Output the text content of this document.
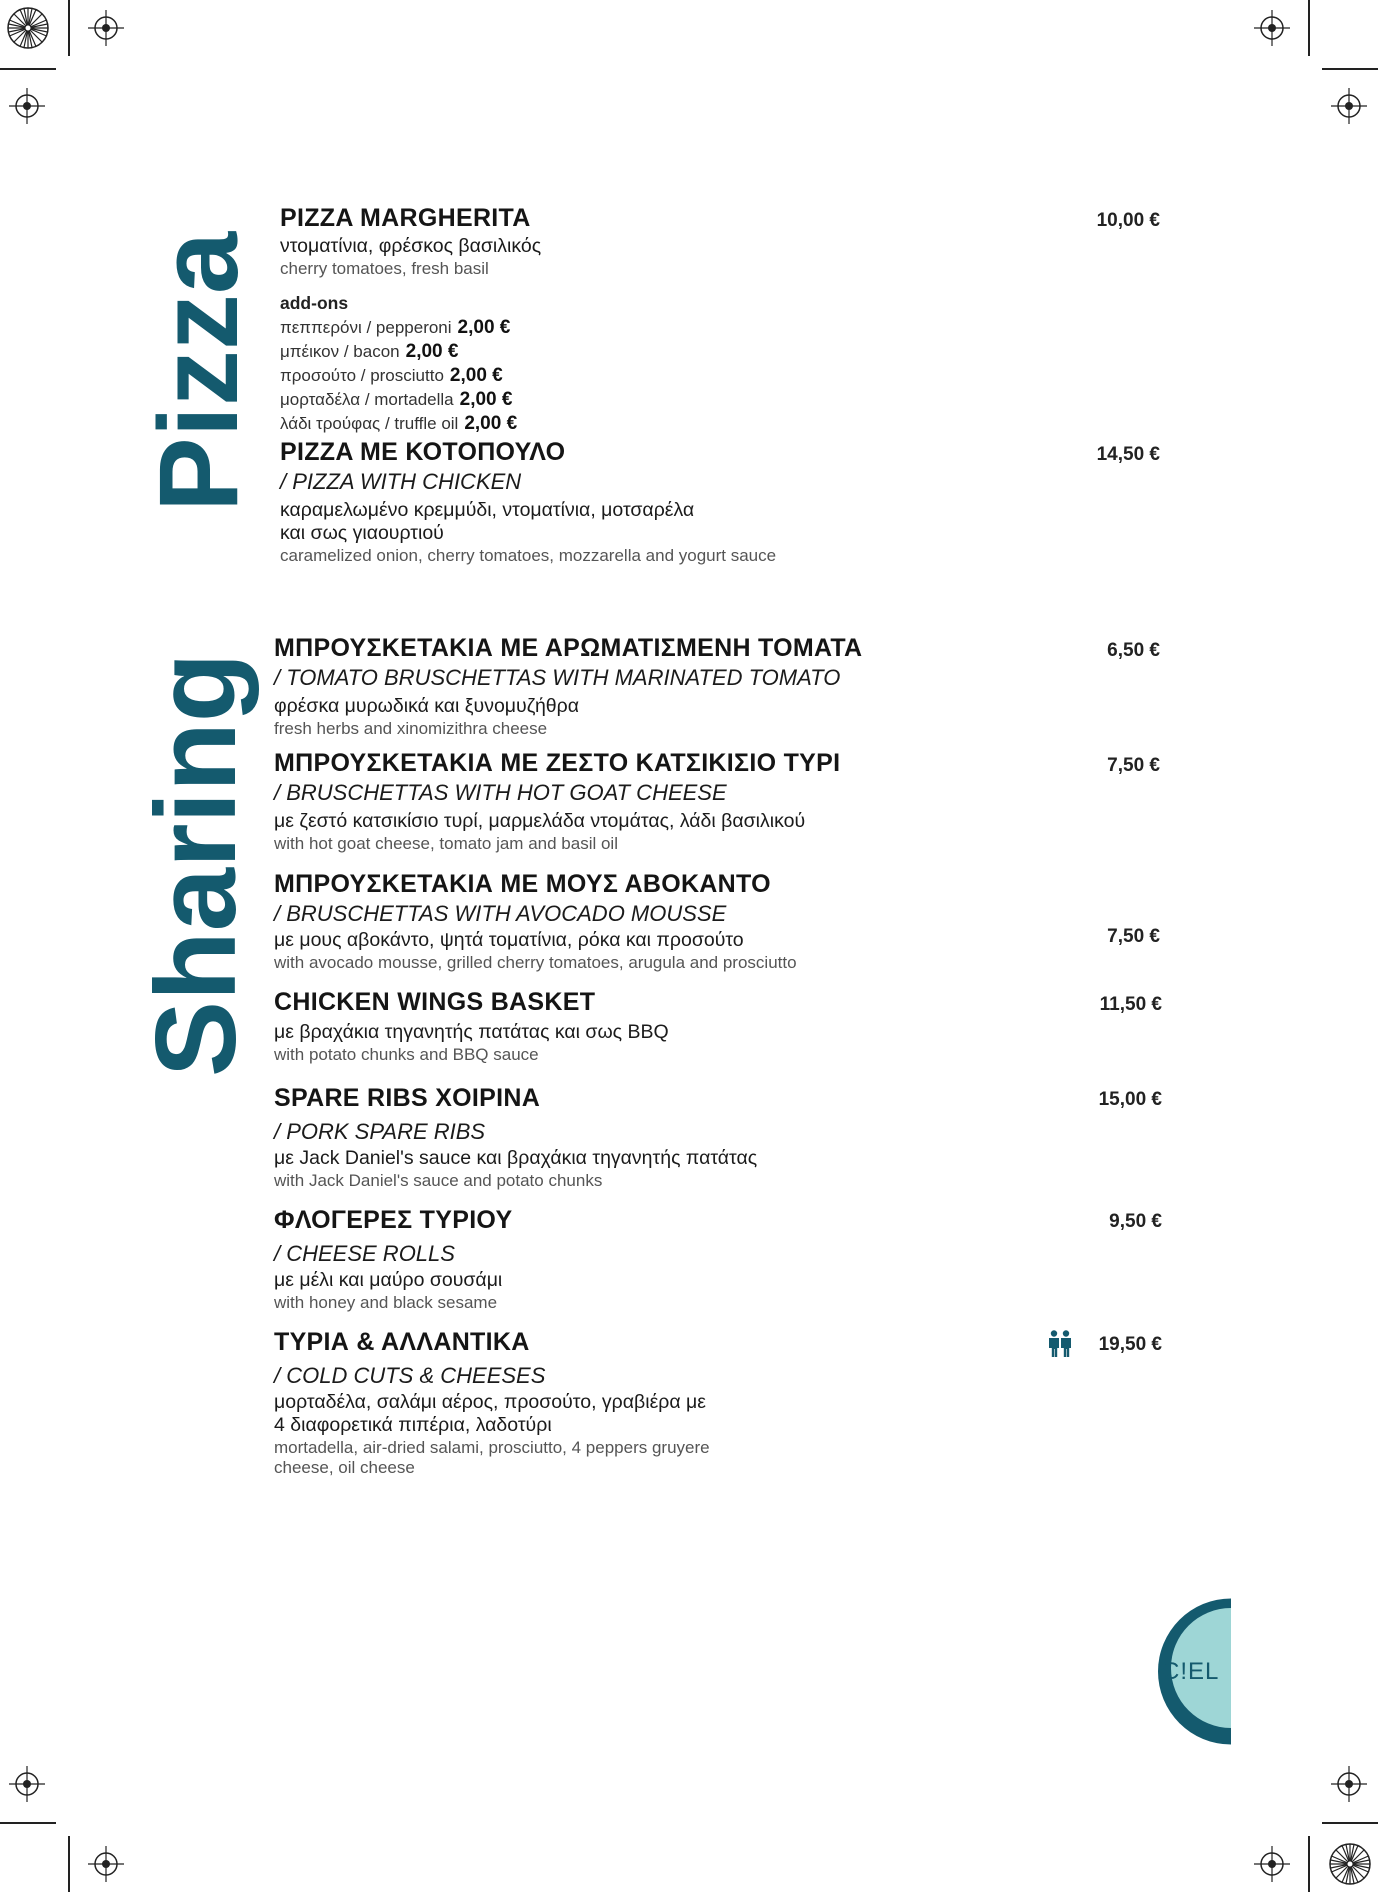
Pizza
Sharing
PIZZA MARGHERITA
ντοματίνια, φρέσκος βασιλικός
cherry tomatoes, fresh basil
add-ons
πεππερόνι / pepperoni 2,00 €
μπέικον / bacon 2,00 €
προσούτο / prosciutto 2,00 €
μορταδέλα / mortadella 2,00 €
λάδι τρούφας / truffle oil 2,00 €
10,00 €
PIZZA ΜΕ ΚΟΤΟΠΟΥΛΟ
/ PIZZA WITH CHICKEN
καραμελωμένο κρεμμύδι, ντοματίνια, μοτσαρέλα
και σως γιαουρτιού
caramelized onion, cherry tomatoes, mozzarella and yogurt sauce
14,50 €
ΜΠΡΟΥΣΚΕΤΑΚΙΑ ΜΕ ΑΡΩΜΑΤΙΣΜΕΝΗ ΤΟΜΑΤΑ
/ TOMATO BRUSCHETTAS WITH MARINATED TOMATO
φρέσκα μυρωδικά και ξυνομυζήθρα
fresh herbs and xinomizithra cheese
6,50 €
ΜΠΡΟΥΣΚΕΤΑΚΙΑ ΜΕ ΖΕΣΤΟ ΚΑΤΣΙΚΙΣΙΟ ΤΥΡΙ
/ BRUSCHETTAS WITH HOT GOAT CHEESE
με ζεστό κατσικίσιο τυρί, μαρμελάδα ντομάτας, λάδι βασιλικού
with hot goat cheese, tomato jam and basil oil
7,50 €
ΜΠΡΟΥΣΚΕΤΑΚΙΑ ΜΕ ΜΟΥΣ ΑΒΟΚΑΝΤΟ
/ BRUSCHETTAS WITH AVOCADO MOUSSE
με μους αβοκάντο, ψητά τοματίνια, ρόκα και προσούτο
with avocado mousse, grilled cherry tomatoes, arugula and prosciutto
7,50 €
CHICKEN WINGS BASKET
με βραχάκια τηγανητής πατάτας και σως BBQ
with potato chunks and BBQ sauce
11,50 €
SPARE RIBS ΧΟΙΡΙΝΑ
/ PORK SPARE RIBS
με Jack Daniel's sauce και βραχάκια τηγανητής πατάτας
with Jack Daniel's sauce and potato chunks
15,00 €
ΦΛΟΓΕΡΕΣ ΤΥΡΙΟΥ
/ CHEESE ROLLS
με μέλι και μαύρο σουσάμι
with honey and black sesame
9,50 €
ΤΥΡΙΑ & ΑΛΛΑΝΤΙΚΑ
/ COLD CUTS & CHEESES
μορταδέλα, σαλάμι αέρος, προσούτο, γραβιέρα με
4 διαφορετικά πιπέρια, λαδοτύρι
mortadella, air-dried salami, prosciutto, 4 peppers gruyere
cheese, oil cheese
19,50 €
C!EL
